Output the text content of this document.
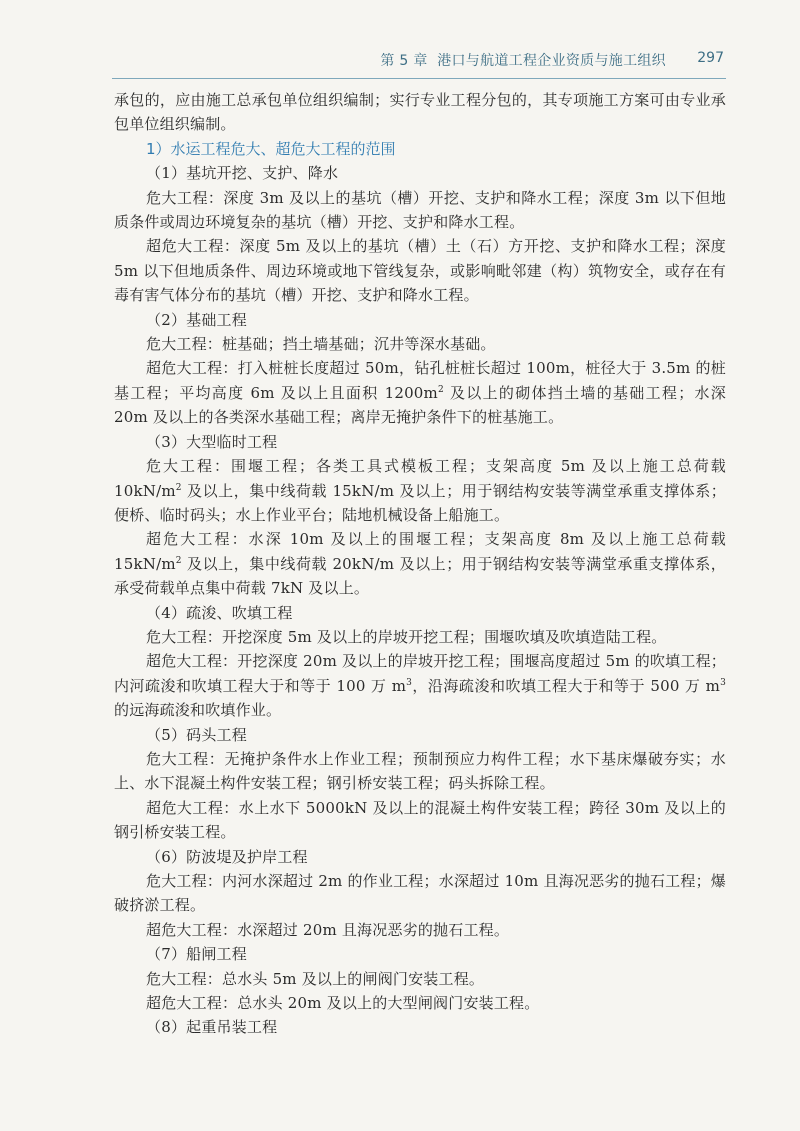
第 5 章 港口与航道工程企业资质与施工组织 297

承包的，应由施工总承包单位组织编制；实行专业工程分包的，其专项施工方案可由专业承包单位组织编制。

1）水运工程危大、超危大工程的范围

（1）基坑开挖、支护、降水

危大工程：深度 3m 及以上的基坑（槽）开挖、支护和降水工程；深度 3m 以下但地质条件或周边环境复杂的基坑（槽）开挖、支护和降水工程。

超危大工程：深度 5m 及以上的基坑（槽）土（石）方开挖、支护和降水工程；深度 5m 以下但地质条件、周边环境或地下管线复杂，或影响毗邻建（构）筑物安全，或存在有毒有害气体分布的基坑（槽）开挖、支护和降水工程。

（2）基础工程

危大工程：桩基础；挡土墙基础；沉井等深水基础。

超危大工程：打入桩桩长度超过 50m，钻孔桩桩长超过 100m，桩径大于 3.5m 的桩基工程；平均高度 6m 及以上且面积 $1200m^2$ 及以上的砌体挡土墙的基础工程；水深 20m 及以上的各类深水基础工程；离岸无掩护条件下的桩基施工。

（3）大型临时工程

危大工程：围堰工程；各类工具式模板工程；支架高度 5m 及以上施工总荷载 $10kN/m^2$ 及以上，集中线荷载 15kN/m 及以上；用于钢结构安装等满堂承重支撑体系；便桥、临时码头；水上作业平台；陆地机械设备上船施工。

超危大工程：水深 10m 及以上的围堰工程；支架高度 8m 及以上施工总荷载 $15kN/m^2$ 及以上，集中线荷载 20kN/m 及以上；用于钢结构安装等满堂承重支撑体系，承受荷载单点集中荷载 7kN 及以上。

（4）疏浚、吹填工程

危大工程：开挖深度 5m 及以上的岸坡开挖工程；围堰吹填及吹填造陆工程。

超危大工程：开挖深度 20m 及以上的岸坡开挖工程；围堰高度超过 5m 的吹填工程；内河疏浚和吹填工程大于和等于 100 万 $m^3$，沿海疏浚和吹填工程大于和等于 500 万 $m^3$ 的远海疏浚和吹填作业。

（5）码头工程

危大工程：无掩护条件水上作业工程；预制预应力构件工程；水下基床爆破夯实；水上、水下混凝土构件安装工程；钢引桥安装工程；码头拆除工程。

超危大工程：水上水下 5000kN 及以上的混凝土构件安装工程；跨径 30m 及以上的钢引桥安装工程。

（6）防波堤及护岸工程

危大工程：内河水深超过 2m 的作业工程；水深超过 10m 且海况恶劣的抛石工程；爆破挤淤工程。

超危大工程：水深超过 20m 且海况恶劣的抛石工程。

（7）船闸工程

危大工程：总水头 5m 及以上的闸阀门安装工程。

超危大工程：总水头 20m 及以上的大型闸阀门安装工程。

（8）起重吊装工程
